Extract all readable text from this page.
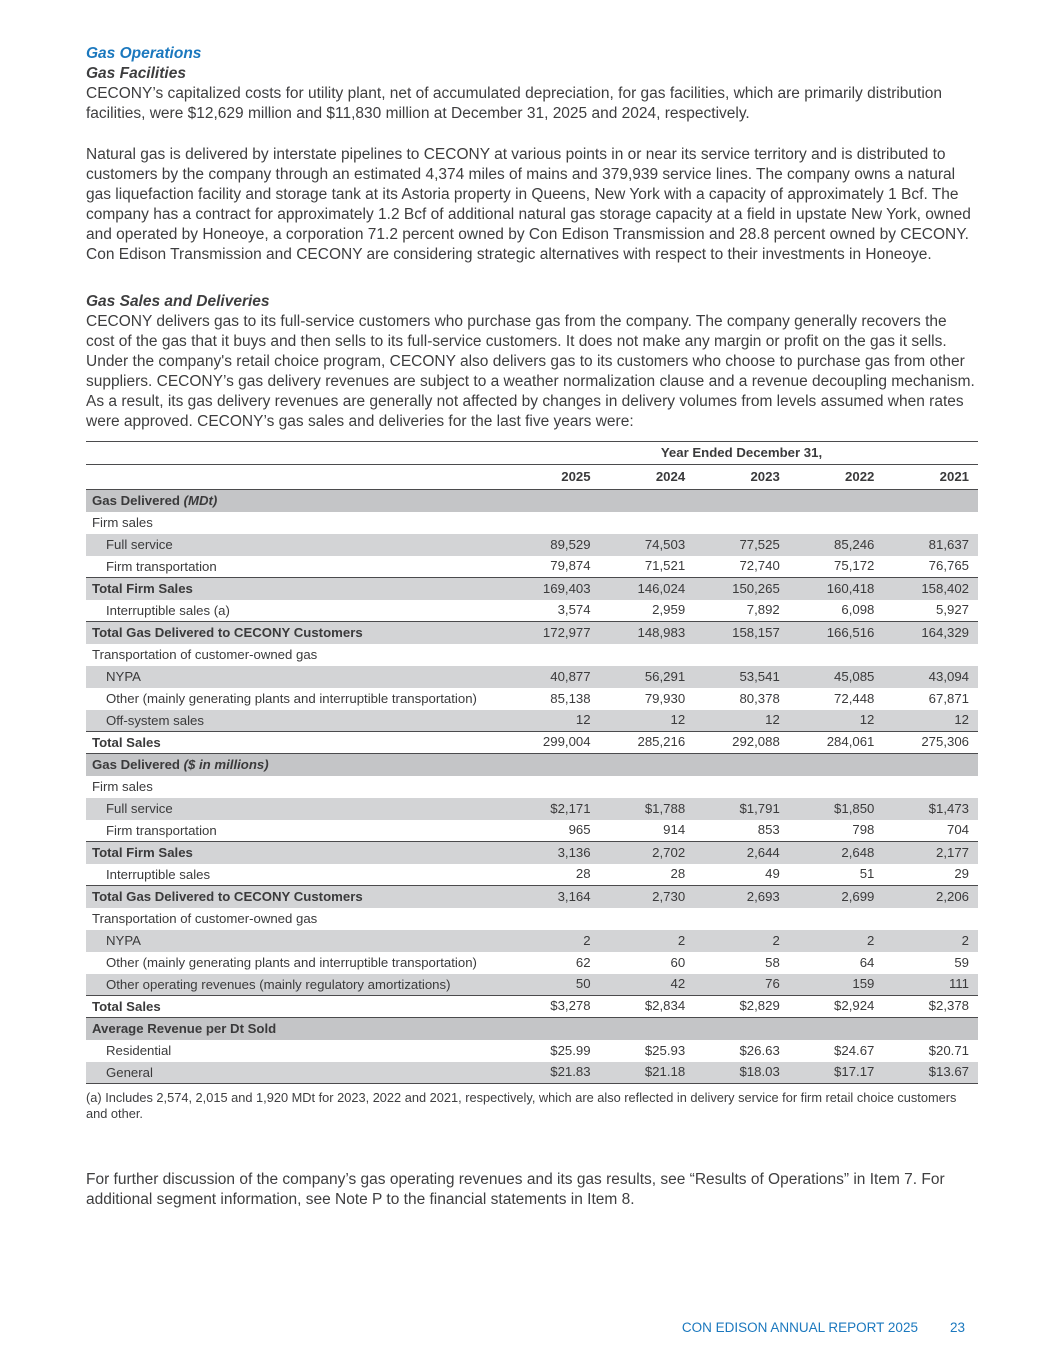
Gas Operations
Gas Facilities

CECONY’s capitalized costs for utility plant, net of accumulated depreciation, for gas facilities, which are primarily distribution facilities, were $12,629 million and $11,830 million at December 31, 2025 and 2024, respectively.

Natural gas is delivered by interstate pipelines to CECONY at various points in or near its service territory and is distributed to customers by the company through an estimated 4,374 miles of mains and 379,939 service lines. The company owns a natural gas liquefaction facility and storage tank at its Astoria property in Queens, New York with a capacity of approximately 1 Bcf. The company has a contract for approximately 1.2 Bcf of additional natural gas storage capacity at a field in upstate New York, owned and operated by Honeoye, a corporation 71.2 percent owned by Con Edison Transmission and 28.8 percent owned by CECONY. Con Edison Transmission and CECONY are considering strategic alternatives with respect to their investments in Honeoye.

Gas Sales and Deliveries

CECONY delivers gas to its full-service customers who purchase gas from the company. The company generally recovers the cost of the gas that it buys and then sells to its full-service customers. It does not make any margin or profit on the gas it sells. Under the company's retail choice program, CECONY also delivers gas to its customers who choose to purchase gas from other suppliers. CECONY’s gas delivery revenues are subject to a weather normalization clause and a revenue decoupling mechanism. As a result, its gas delivery revenues are generally not affected by changes in delivery volumes from levels assumed when rates were approved. CECONY’s gas sales and deliveries for the last five years were:

	Year Ended December 31,				
	2025	2024	2023	2022	2021
Gas Delivered (MDt)					
Firm sales					
Full service	89,529	74,503	77,525	85,246	81,637
Firm transportation	79,874	71,521	72,740	75,172	76,765
Total Firm Sales	169,403	146,024	150,265	160,418	158,402
Interruptible sales (a)	3,574	2,959	7,892	6,098	5,927
Total Gas Delivered to CECONY Customers	172,977	148,983	158,157	166,516	164,329
Transportation of customer-owned gas					
NYPA	40,877	56,291	53,541	45,085	43,094
Other (mainly generating plants and interruptible transportation)	85,138	79,930	80,378	72,448	67,871
Off-system sales	12	12	12	12	12
Total Sales	299,004	285,216	292,088	284,061	275,306
Gas Delivered ($ in millions)					
Firm sales					
Full service	$2,171	$1,788	$1,791	$1,850	$1,473
Firm transportation	965	914	853	798	704
Total Firm Sales	3,136	2,702	2,644	2,648	2,177
Interruptible sales	28	28	49	51	29
Total Gas Delivered to CECONY Customers	3,164	2,730	2,693	2,699	2,206
Transportation of customer-owned gas					
NYPA	2	2	2	2	2
Other (mainly generating plants and interruptible transportation)	62	60	58	64	59
Other operating revenues (mainly regulatory amortizations)	50	42	76	159	111
Total Sales	$3,278	$2,834	$2,829	$2,924	$2,378
Average Revenue per Dt Sold					
Residential	$25.99	$25.93	$26.63	$24.67	$20.71
General	$21.83	$21.18	$18.03	$17.17	$13.67

(a) Includes 2,574, 2,015 and 1,920 MDt for 2023, 2022 and 2021, respectively, which are also reflected in delivery service for firm retail choice customers and other.

For further discussion of the company’s gas operating revenues and its gas results, see “Results of Operations” in Item 7. For additional segment information, see Note P to the financial statements in Item 8.

CON EDISON ANNUAL REPORT 2025 23
